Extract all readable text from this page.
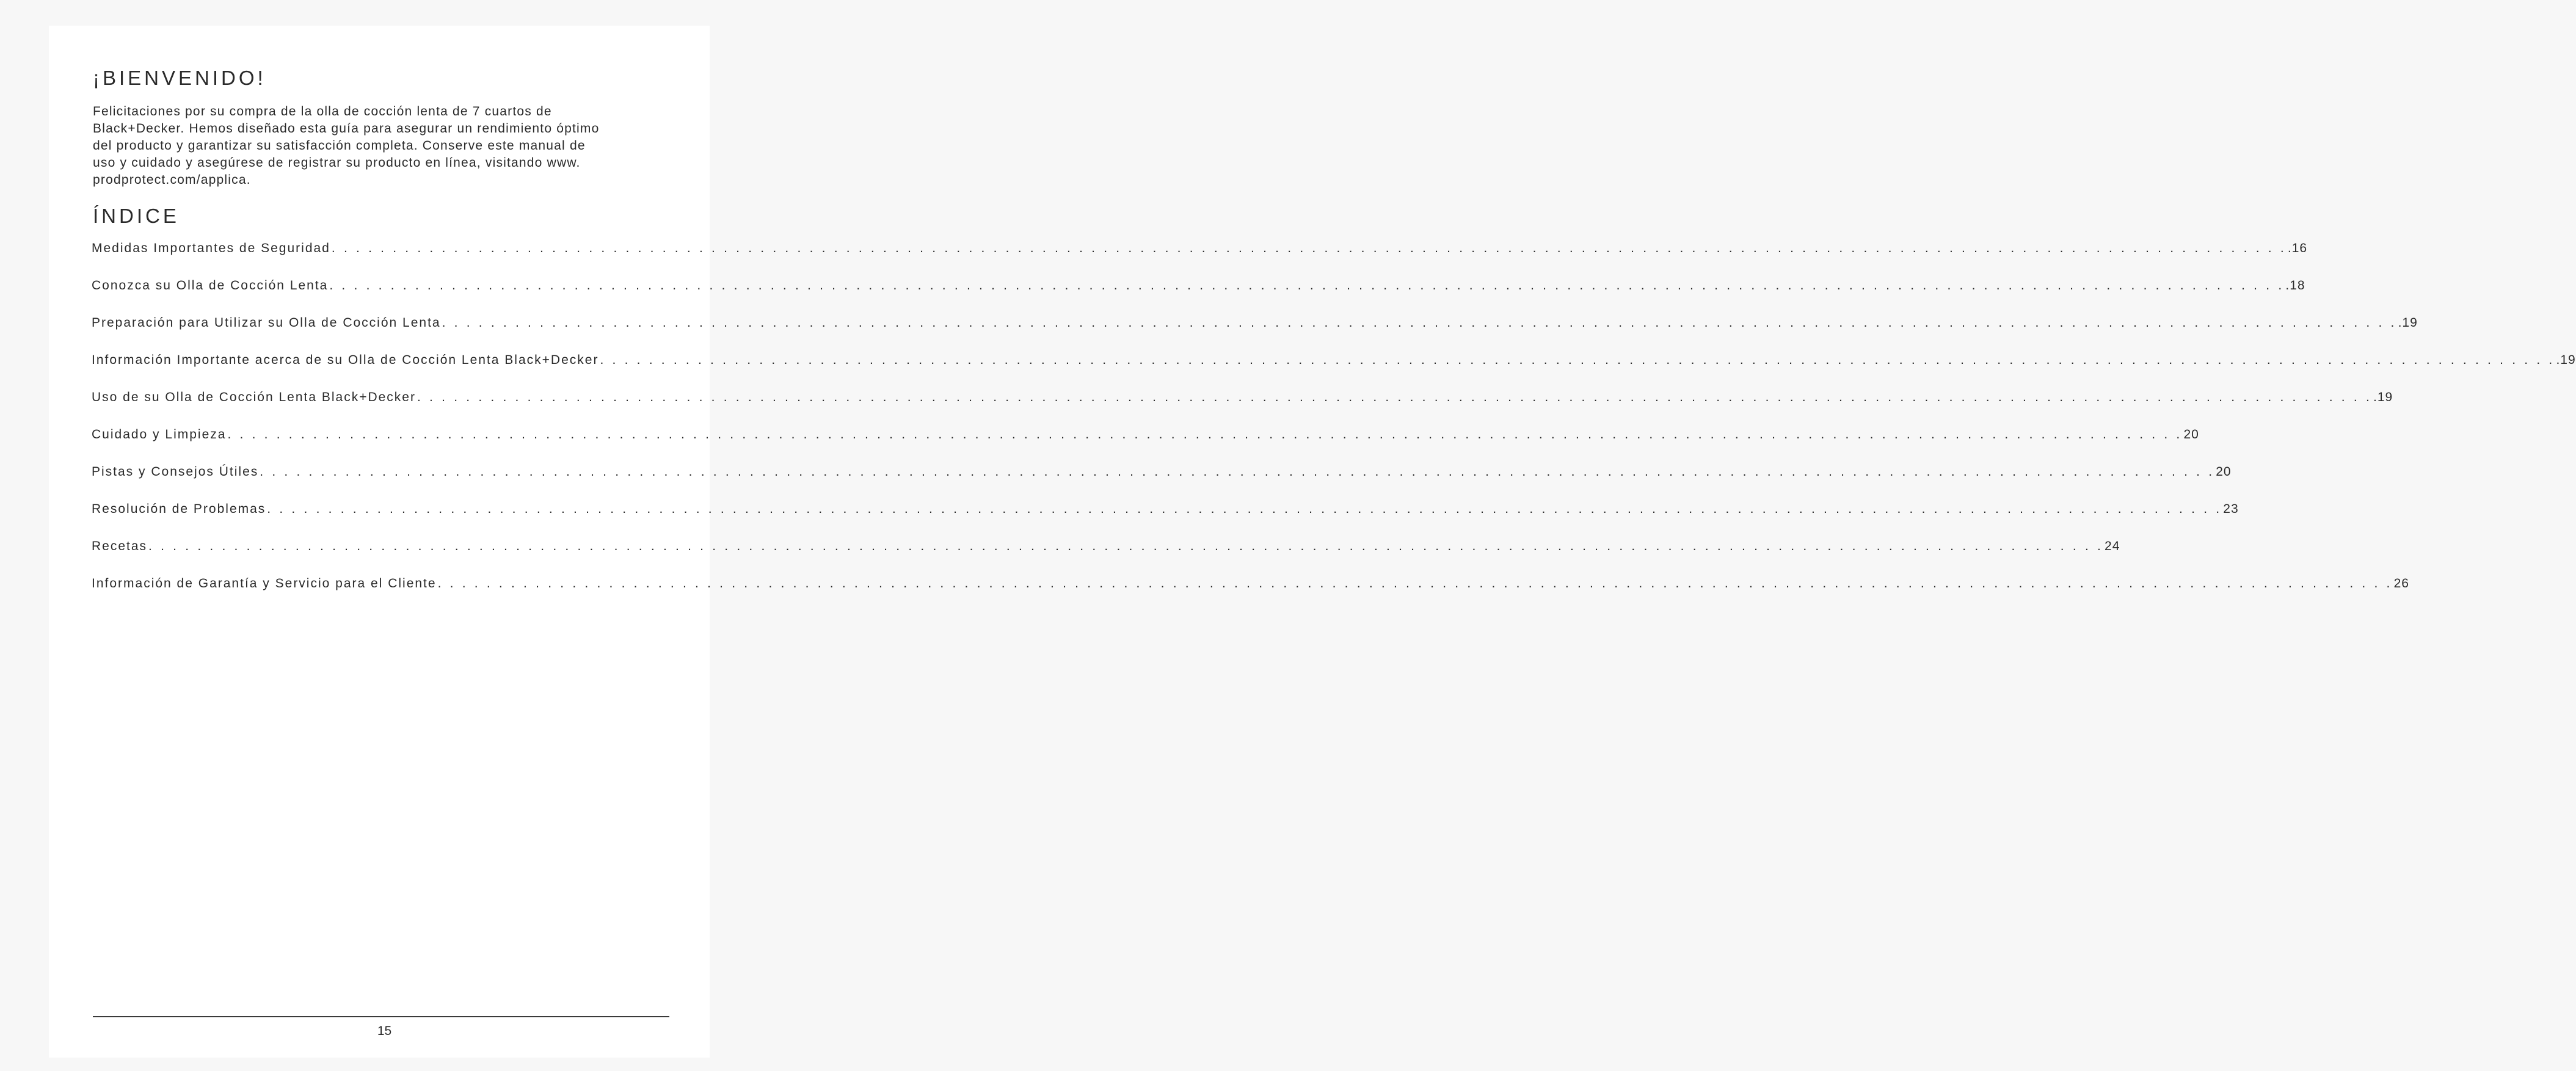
¡BIENVENIDO!

Felicitaciones por su compra de la olla de cocción lenta de 7 cuartos de
Black+Decker. Hemos diseñado esta guía para asegurar un rendimiento óptimo
del producto y garantizar su satisfacción completa. Conserve este manual de
uso y cuidado y asegúrese de registrar su producto en línea, visitando www.
prodprotect.com/applica.

ÍNDICE
Medidas Importantes de Seguridad . . . . . . . . . . . . . . . . . . . . . . . . . . . . . . . . . . . . . . . . . . . . . . . . . . . . . . . . . . . . . . . . . . . . . . . . . . . . . . . . . . . . . . . . . . . . . . . . . . . . . . . . . . . . . . . . . . . . . . . . . . . . . . . . . . . . . . . . . . . . . . . . . . . . . . . . . . . . . . . . .16
Conozca su Olla de Cocción Lenta . . . . . . . . . . . . . . . . . . . . . . . . . . . . . . . . . . . . . . . . . . . . . . . . . . . . . . . . . . . . . . . . . . . . . . . . . . . . . . . . . . . . . . . . . . . . . . . . . . . . . . . . . . . . . . . . . . . . . . . . . . . . . . . . . . . . . . . . . . . . . . . . . . . . . . . . . . . . . . . . .18
Preparación para Utilizar su Olla de Cocción Lenta . . . . . . . . . . . . . . . . . . . . . . . . . . . . . . . . . . . . . . . . . . . . . . . . . . . . . . . . . . . . . . . . . . . . . . . . . . . . . . . . . . . . . . . . . . . . . . . . . . . . . . . . . . . . . . . . . . . . . . . . . . . . . . . . . . . . . . . . . . . . . . . . . . . . . . . . . . . . . . . . .19
Información Importante acerca de su Olla de Cocción Lenta Black+Decker . . . . . . . . . . . . . . . . . . . . . . . . . . . . . . . . . . . . . . . . . . . . . . . . . . . . . . . . . . . . . . . . . . . . . . . . . . . . . . . . . . . . . . . . . . . . . . . . . . . . . . . . . . . . . . . . . . . . . . . . . . . . . . . . . . . . . . . . . . . . . . . . . . . . . . . . . . . . . . . . .19
Uso de su Olla de Cocción Lenta Black+Decker . . . . . . . . . . . . . . . . . . . . . . . . . . . . . . . . . . . . . . . . . . . . . . . . . . . . . . . . . . . . . . . . . . . . . . . . . . . . . . . . . . . . . . . . . . . . . . . . . . . . . . . . . . . . . . . . . . . . . . . . . . . . . . . . . . . . . . . . . . . . . . . . . . . . . . . . . . . . . . . . .19
Cuidado y Limpieza . . . . . . . . . . . . . . . . . . . . . . . . . . . . . . . . . . . . . . . . . . . . . . . . . . . . . . . . . . . . . . . . . . . . . . . . . . . . . . . . . . . . . . . . . . . . . . . . . . . . . . . . . . . . . . . . . . . . . . . . . . . . . . . . . . . . . . . . . . . . . . . . . . . . . . . . . . . . . . . . 20
Pistas y Consejos Útiles . . . . . . . . . . . . . . . . . . . . . . . . . . . . . . . . . . . . . . . . . . . . . . . . . . . . . . . . . . . . . . . . . . . . . . . . . . . . . . . . . . . . . . . . . . . . . . . . . . . . . . . . . . . . . . . . . . . . . . . . . . . . . . . . . . . . . . . . . . . . . . . . . . . . . . . . . . . . . . . . 20
Resolución de Problemas . . . . . . . . . . . . . . . . . . . . . . . . . . . . . . . . . . . . . . . . . . . . . . . . . . . . . . . . . . . . . . . . . . . . . . . . . . . . . . . . . . . . . . . . . . . . . . . . . . . . . . . . . . . . . . . . . . . . . . . . . . . . . . . . . . . . . . . . . . . . . . . . . . . . . . . . . . . . . . . . 23
Recetas . . . . . . . . . . . . . . . . . . . . . . . . . . . . . . . . . . . . . . . . . . . . . . . . . . . . . . . . . . . . . . . . . . . . . . . . . . . . . . . . . . . . . . . . . . . . . . . . . . . . . . . . . . . . . . . . . . . . . . . . . . . . . . . . . . . . . . . . . . . . . . . . . . . . . . . . . . . . . . . . 24
Información de Garantía y Servicio para el Cliente . . . . . . . . . . . . . . . . . . . . . . . . . . . . . . . . . . . . . . . . . . . . . . . . . . . . . . . . . . . . . . . . . . . . . . . . . . . . . . . . . . . . . . . . . . . . . . . . . . . . . . . . . . . . . . . . . . . . . . . . . . . . . . . . . . . . . . . . . . . . . . . . . . . . . . . . . . . . . . . . 26
15
